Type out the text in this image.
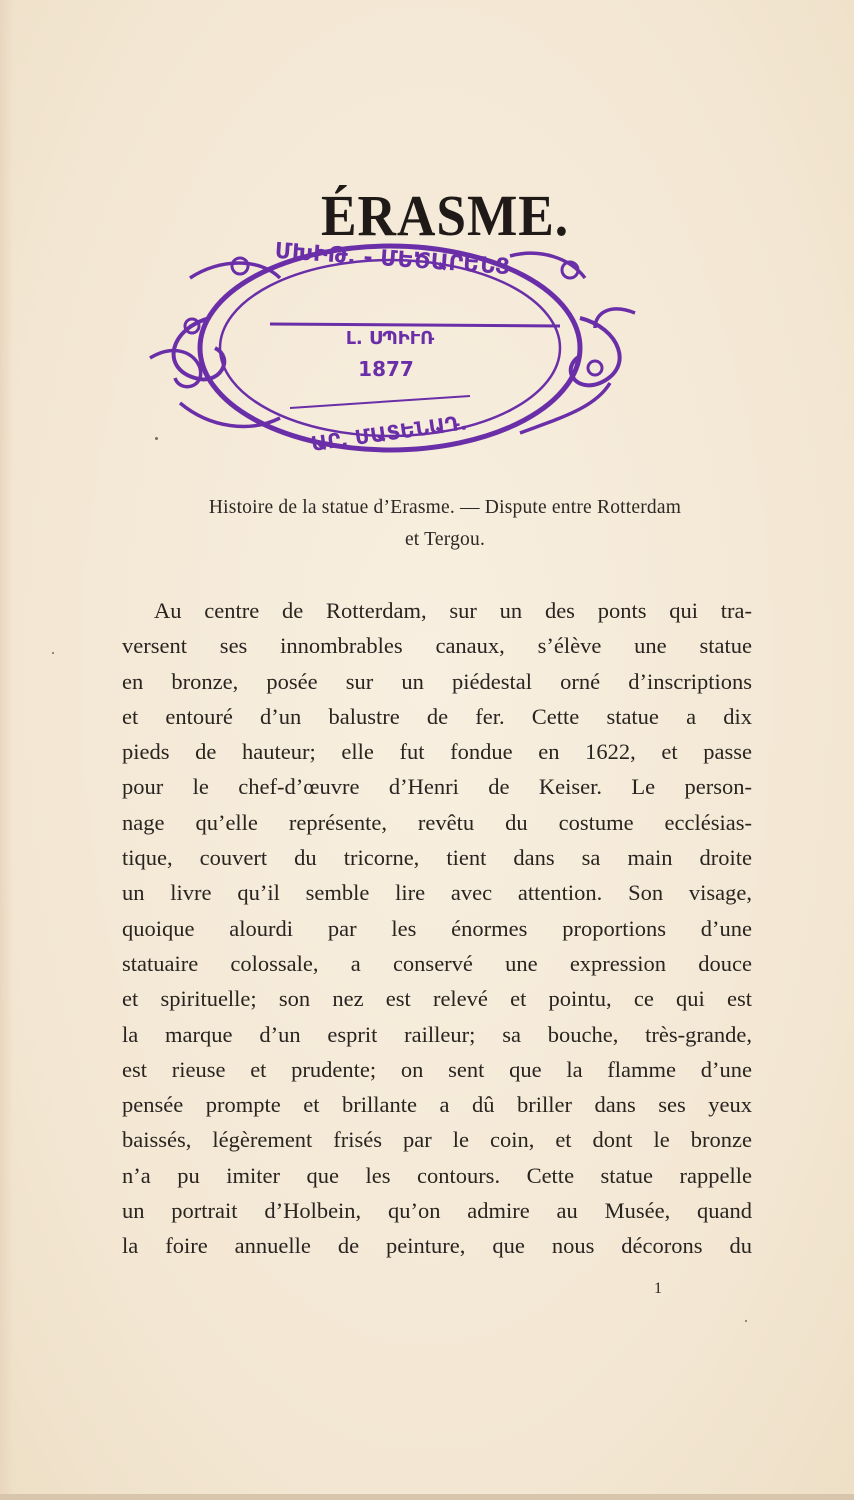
ÉRASME.
ՄԽԻԹ. - ՄԵԾԱՐԵՆՑ
Լ. ՍՊԻՒՌ
1877
ԱՐ. ՄԱՏԵՆԱԴ.

Histoire de la statue d’Erasme. — Dispute entre Rotterdam
et Tergou.

Au centre de Rotterdam, sur un des ponts qui tra-
versent ses innombrables canaux, s’élève une statue
en bronze, posée sur un piédestal orné d’inscriptions
et entouré d’un balustre de fer. Cette statue a dix
pieds de hauteur; elle fut fondue en 1622, et passe
pour le chef-d’œuvre d’Henri de Keiser. Le person-
nage qu’elle représente, revêtu du costume ecclésias-
tique, couvert du tricorne, tient dans sa main droite
un livre qu’il semble lire avec attention. Son visage,
quoique alourdi par les énormes proportions d’une
statuaire colossale, a conservé une expression douce
et spirituelle; son nez est relevé et pointu, ce qui est
la marque d’un esprit railleur; sa bouche, très-grande,
est rieuse et prudente; on sent que la flamme d’une
pensée prompte et brillante a dû briller dans ses yeux
baissés, légèrement frisés par le coin, et dont le bronze
n’a pu imiter que les contours. Cette statue rappelle
un portrait d’Holbein, qu’on admire au Musée, quand
la foire annuelle de peinture, que nous décorons du
1
